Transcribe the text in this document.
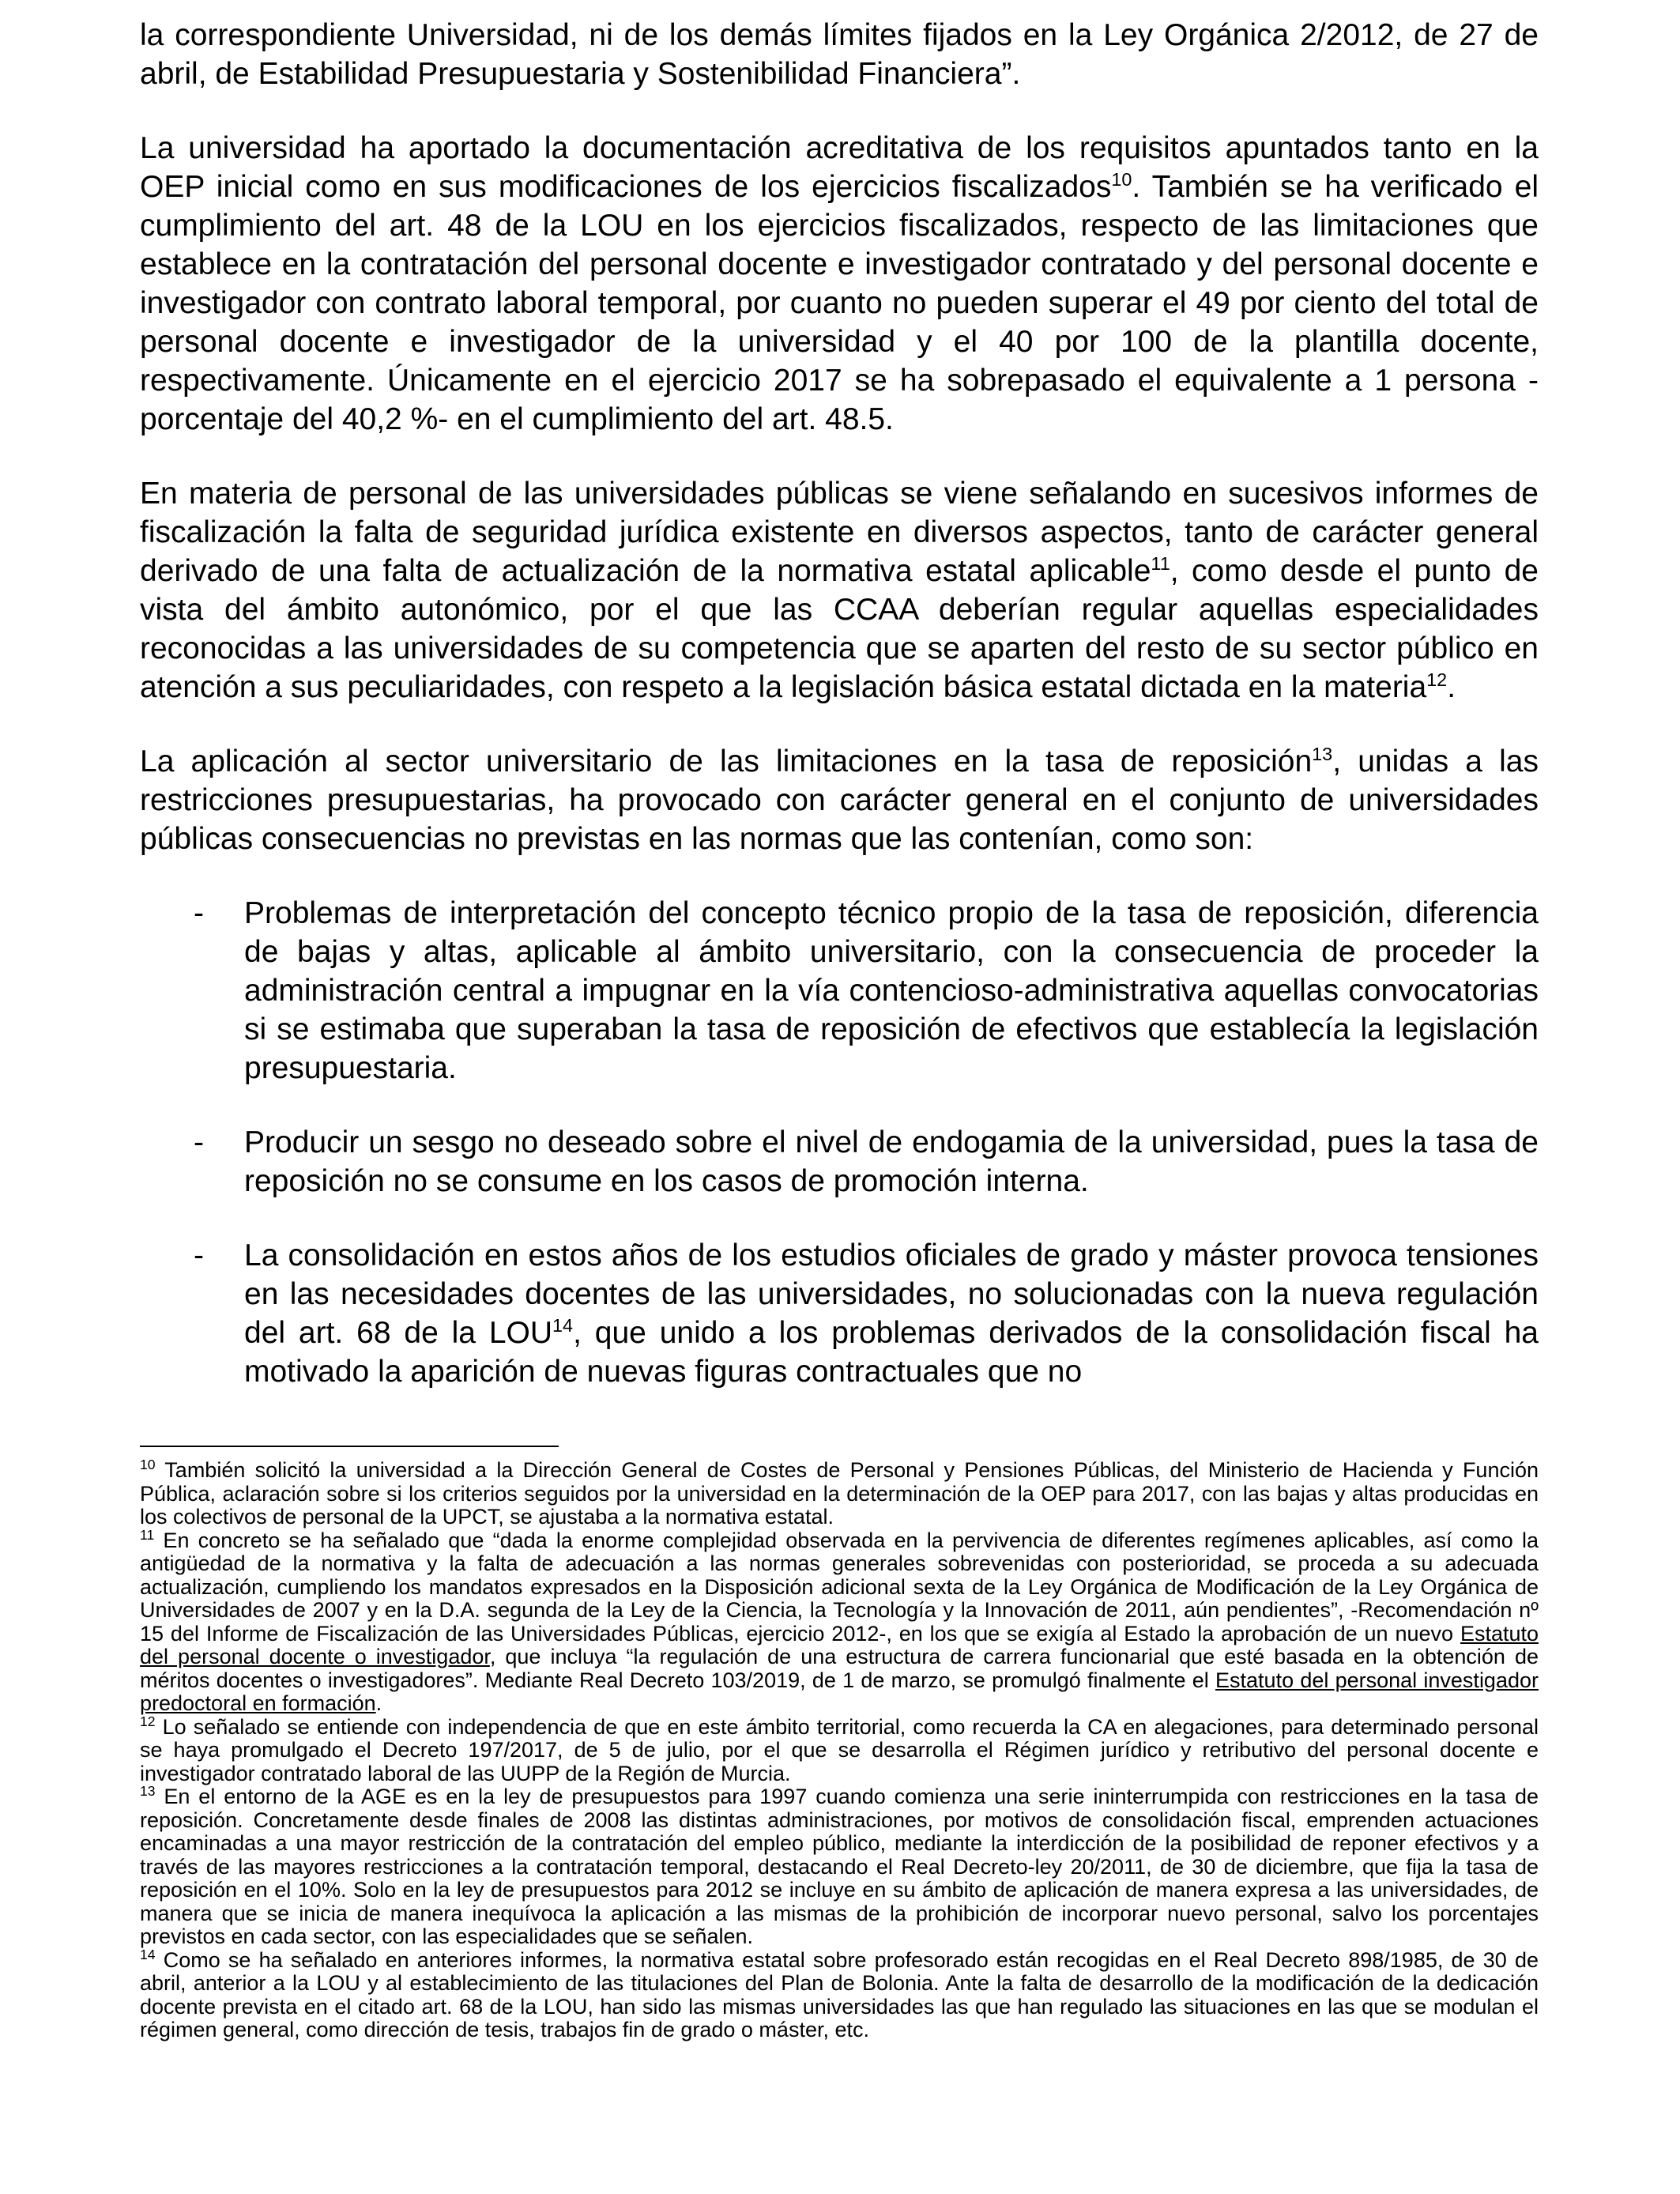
la correspondiente Universidad, ni de los demás límites fijados en la Ley Orgánica 2/2012, de 27 de abril, de Estabilidad Presupuestaria y Sostenibilidad Financiera”.

La universidad ha aportado la documentación acreditativa de los requisitos apuntados tanto en la OEP inicial como en sus modificaciones de los ejercicios fiscalizados$^{10}$. También se ha verificado el cumplimiento del art. 48 de la LOU en los ejercicios fiscalizados, respecto de las limitaciones que establece en la contratación del personal docente e investigador contratado y del personal docente e investigador con contrato laboral temporal, por cuanto no pueden superar el 49 por ciento del total de personal docente e investigador de la universidad y el 40 por 100 de la plantilla docente, respectivamente. Únicamente en el ejercicio 2017 se ha sobrepasado el equivalente a 1 persona -porcentaje del 40,2 %- en el cumplimiento del art. 48.5.

En materia de personal de las universidades públicas se viene señalando en sucesivos informes de fiscalización la falta de seguridad jurídica existente en diversos aspectos, tanto de carácter general derivado de una falta de actualización de la normativa estatal aplicable$^{11}$, como desde el punto de vista del ámbito autonómico, por el que las CCAA deberían regular aquellas especialidades reconocidas a las universidades de su competencia que se aparten del resto de su sector público en atención a sus peculiaridades, con respeto a la legislación básica estatal dictada en la materia$^{12}$.

La aplicación al sector universitario de las limitaciones en la tasa de reposición$^{13}$, unidas a las restricciones presupuestarias, ha provocado con carácter general en el conjunto de universidades públicas consecuencias no previstas en las normas que las contenían, como son:

- Problemas de interpretación del concepto técnico propio de la tasa de reposición, diferencia de bajas y altas, aplicable al ámbito universitario, con la consecuencia de proceder la administración central a impugnar en la vía contencioso-administrativa aquellas convocatorias si se estimaba que superaban la tasa de reposición de efectivos que establecía la legislación presupuestaria.
- Producir un sesgo no deseado sobre el nivel de endogamia de la universidad, pues la tasa de reposición no se consume en los casos de promoción interna.
- La consolidación en estos años de los estudios oficiales de grado y máster provoca tensiones en las necesidades docentes de las universidades, no solucionadas con la nueva regulación del art. 68 de la LOU$^{14}$, que unido a los problemas derivados de la consolidación fiscal ha motivado la aparición de nuevas figuras contractuales que no

$^{10}$ También solicitó la universidad a la Dirección General de Costes de Personal y Pensiones Públicas, del Ministerio de Hacienda y Función Pública, aclaración sobre si los criterios seguidos por la universidad en la determinación de la OEP para 2017, con las bajas y altas producidas en los colectivos de personal de la UPCT, se ajustaba a la normativa estatal.

$^{11}$ En concreto se ha señalado que “dada la enorme complejidad observada en la pervivencia de diferentes regímenes aplicables, así como la antigüedad de la normativa y la falta de adecuación a las normas generales sobrevenidas con posterioridad, se proceda a su adecuada actualización, cumpliendo los mandatos expresados en la Disposición adicional sexta de la Ley Orgánica de Modificación de la Ley Orgánica de Universidades de 2007 y en la D.A. segunda de la Ley de la Ciencia, la Tecnología y la Innovación de 2011, aún pendientes”, -Recomendación nº 15 del Informe de Fiscalización de las Universidades Públicas, ejercicio 2012-, en los que se exigía al Estado la aprobación de un nuevo Estatuto del personal docente o investigador, que incluya “la regulación de una estructura de carrera funcionarial que esté basada en la obtención de méritos docentes o investigadores”. Mediante Real Decreto 103/2019, de 1 de marzo, se promulgó finalmente el Estatuto del personal investigador predoctoral en formación.

$^{12}$ Lo señalado se entiende con independencia de que en este ámbito territorial, como recuerda la CA en alegaciones, para determinado personal se haya promulgado el Decreto 197/2017, de 5 de julio, por el que se desarrolla el Régimen jurídico y retributivo del personal docente e investigador contratado laboral de las UUPP de la Región de Murcia.

$^{13}$ En el entorno de la AGE es en la ley de presupuestos para 1997 cuando comienza una serie ininterrumpida con restricciones en la tasa de reposición. Concretamente desde finales de 2008 las distintas administraciones, por motivos de consolidación fiscal, emprenden actuaciones encaminadas a una mayor restricción de la contratación del empleo público, mediante la interdicción de la posibilidad de reponer efectivos y a través de las mayores restricciones a la contratación temporal, destacando el Real Decreto-ley 20/2011, de 30 de diciembre, que fija la tasa de reposición en el 10%. Solo en la ley de presupuestos para 2012 se incluye en su ámbito de aplicación de manera expresa a las universidades, de manera que se inicia de manera inequívoca la aplicación a las mismas de la prohibición de incorporar nuevo personal, salvo los porcentajes previstos en cada sector, con las especialidades que se señalen.

$^{14}$ Como se ha señalado en anteriores informes, la normativa estatal sobre profesorado están recogidas en el Real Decreto 898/1985, de 30 de abril, anterior a la LOU y al establecimiento de las titulaciones del Plan de Bolonia. Ante la falta de desarrollo de la modificación de la dedicación docente prevista en el citado art. 68 de la LOU, han sido las mismas universidades las que han regulado las situaciones en las que se modulan el régimen general, como dirección de tesis, trabajos fin de grado o máster, etc.
